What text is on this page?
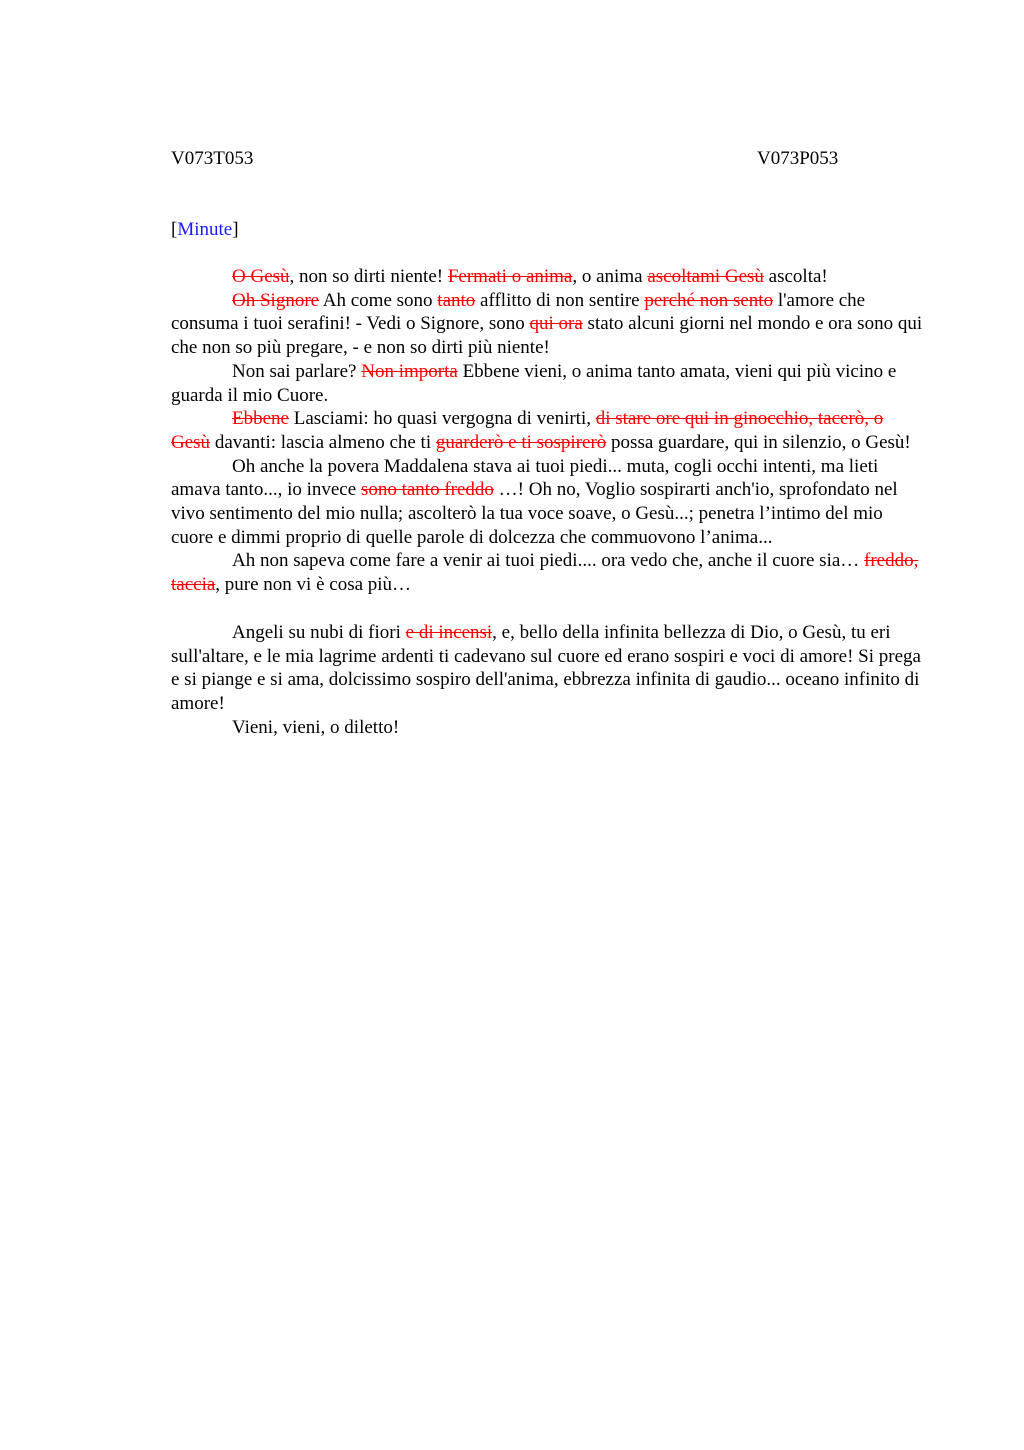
V073T053	V073P053
[Minute]

O Gesù, non so dirti niente! Fermati o anima, o anima ascoltami Gesù ascolta!

Oh Signore Ah come sono tanto afflitto di non sentire perché non sento l'amore che consuma i tuoi serafini! - Vedi o Signore, sono qui ora stato alcuni giorni nel mondo e ora sono qui che non so più pregare, - e non so dirti più niente!

Non sai parlare? Non importa Ebbene vieni, o anima tanto amata, vieni qui più vicino e guarda il mio Cuore.

Ebbene Lasciami: ho quasi vergogna di venirti, di stare ore qui in ginocchio, tacerò, o Gesù davanti: lascia almeno che ti guarderò e ti sospirerò possa guardare, qui in silenzio, o Gesù!

Oh anche la povera Maddalena stava ai tuoi piedi... muta, cogli occhi intenti, ma lieti amava tanto..., io invece sono tanto freddo …! Oh no, Voglio sospirarti anch'io, sprofondato nel vivo sentimento del mio nulla; ascolterò la tua voce soave, o Gesù...; penetra l’intimo del mio cuore e dimmi proprio di quelle parole di dolcezza che commuovono l’anima...

Ah non sapeva come fare a venir ai tuoi piedi.... ora vedo che, anche il cuore sia… freddo, taccia, pure non vi è cosa più…

Angeli su nubi di fiori e di incensi, e, bello della infinita bellezza di Dio, o Gesù, tu eri sull'altare, e le mia lagrime ardenti ti cadevano sul cuore ed erano sospiri e voci di amore! Si prega e si piange e si ama, dolcissimo sospiro dell'anima, ebbrezza infinita di gaudio... oceano infinito di amore!

Vieni, vieni, o diletto!
